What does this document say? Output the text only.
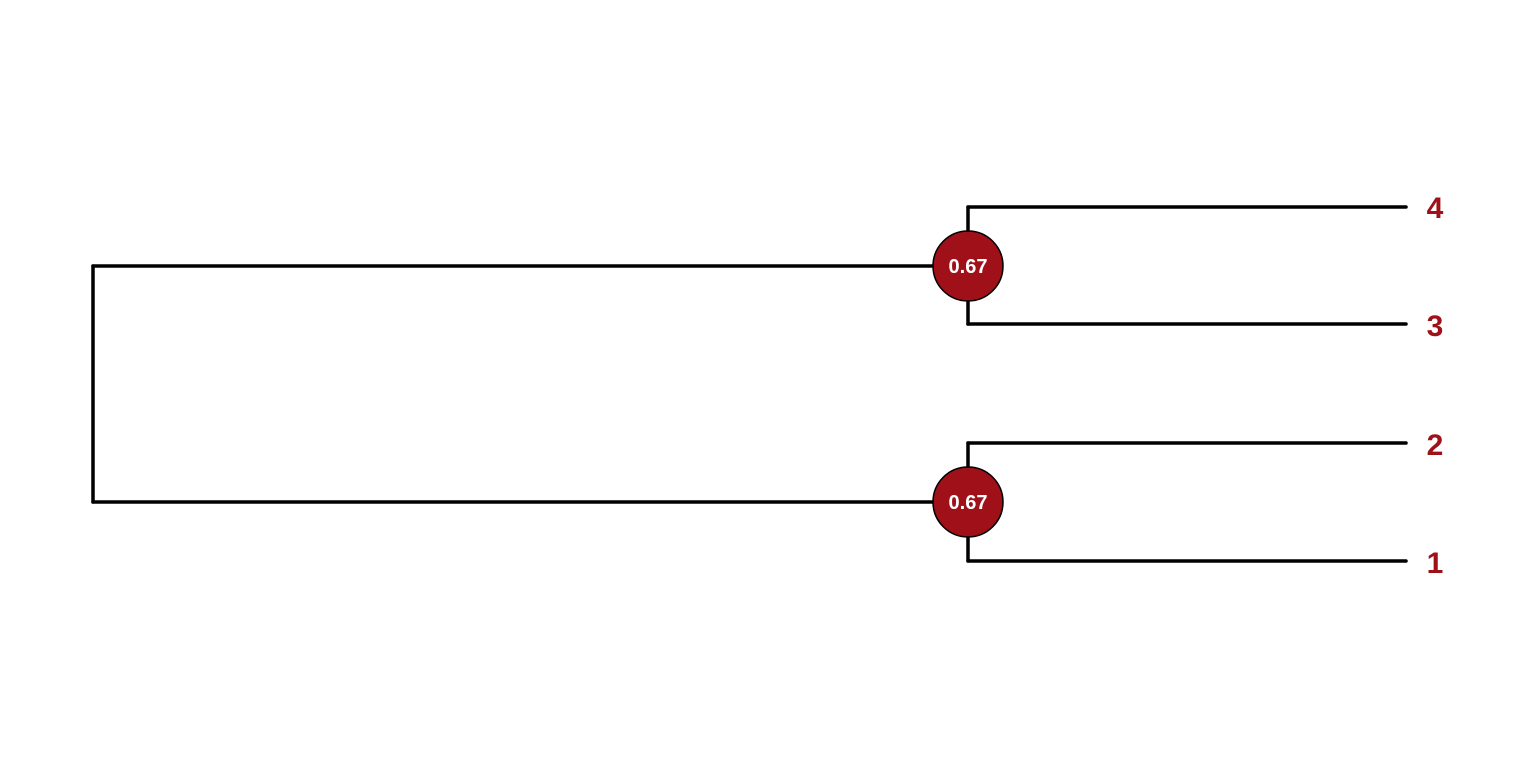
0.67
0.67
4
3
2
1
